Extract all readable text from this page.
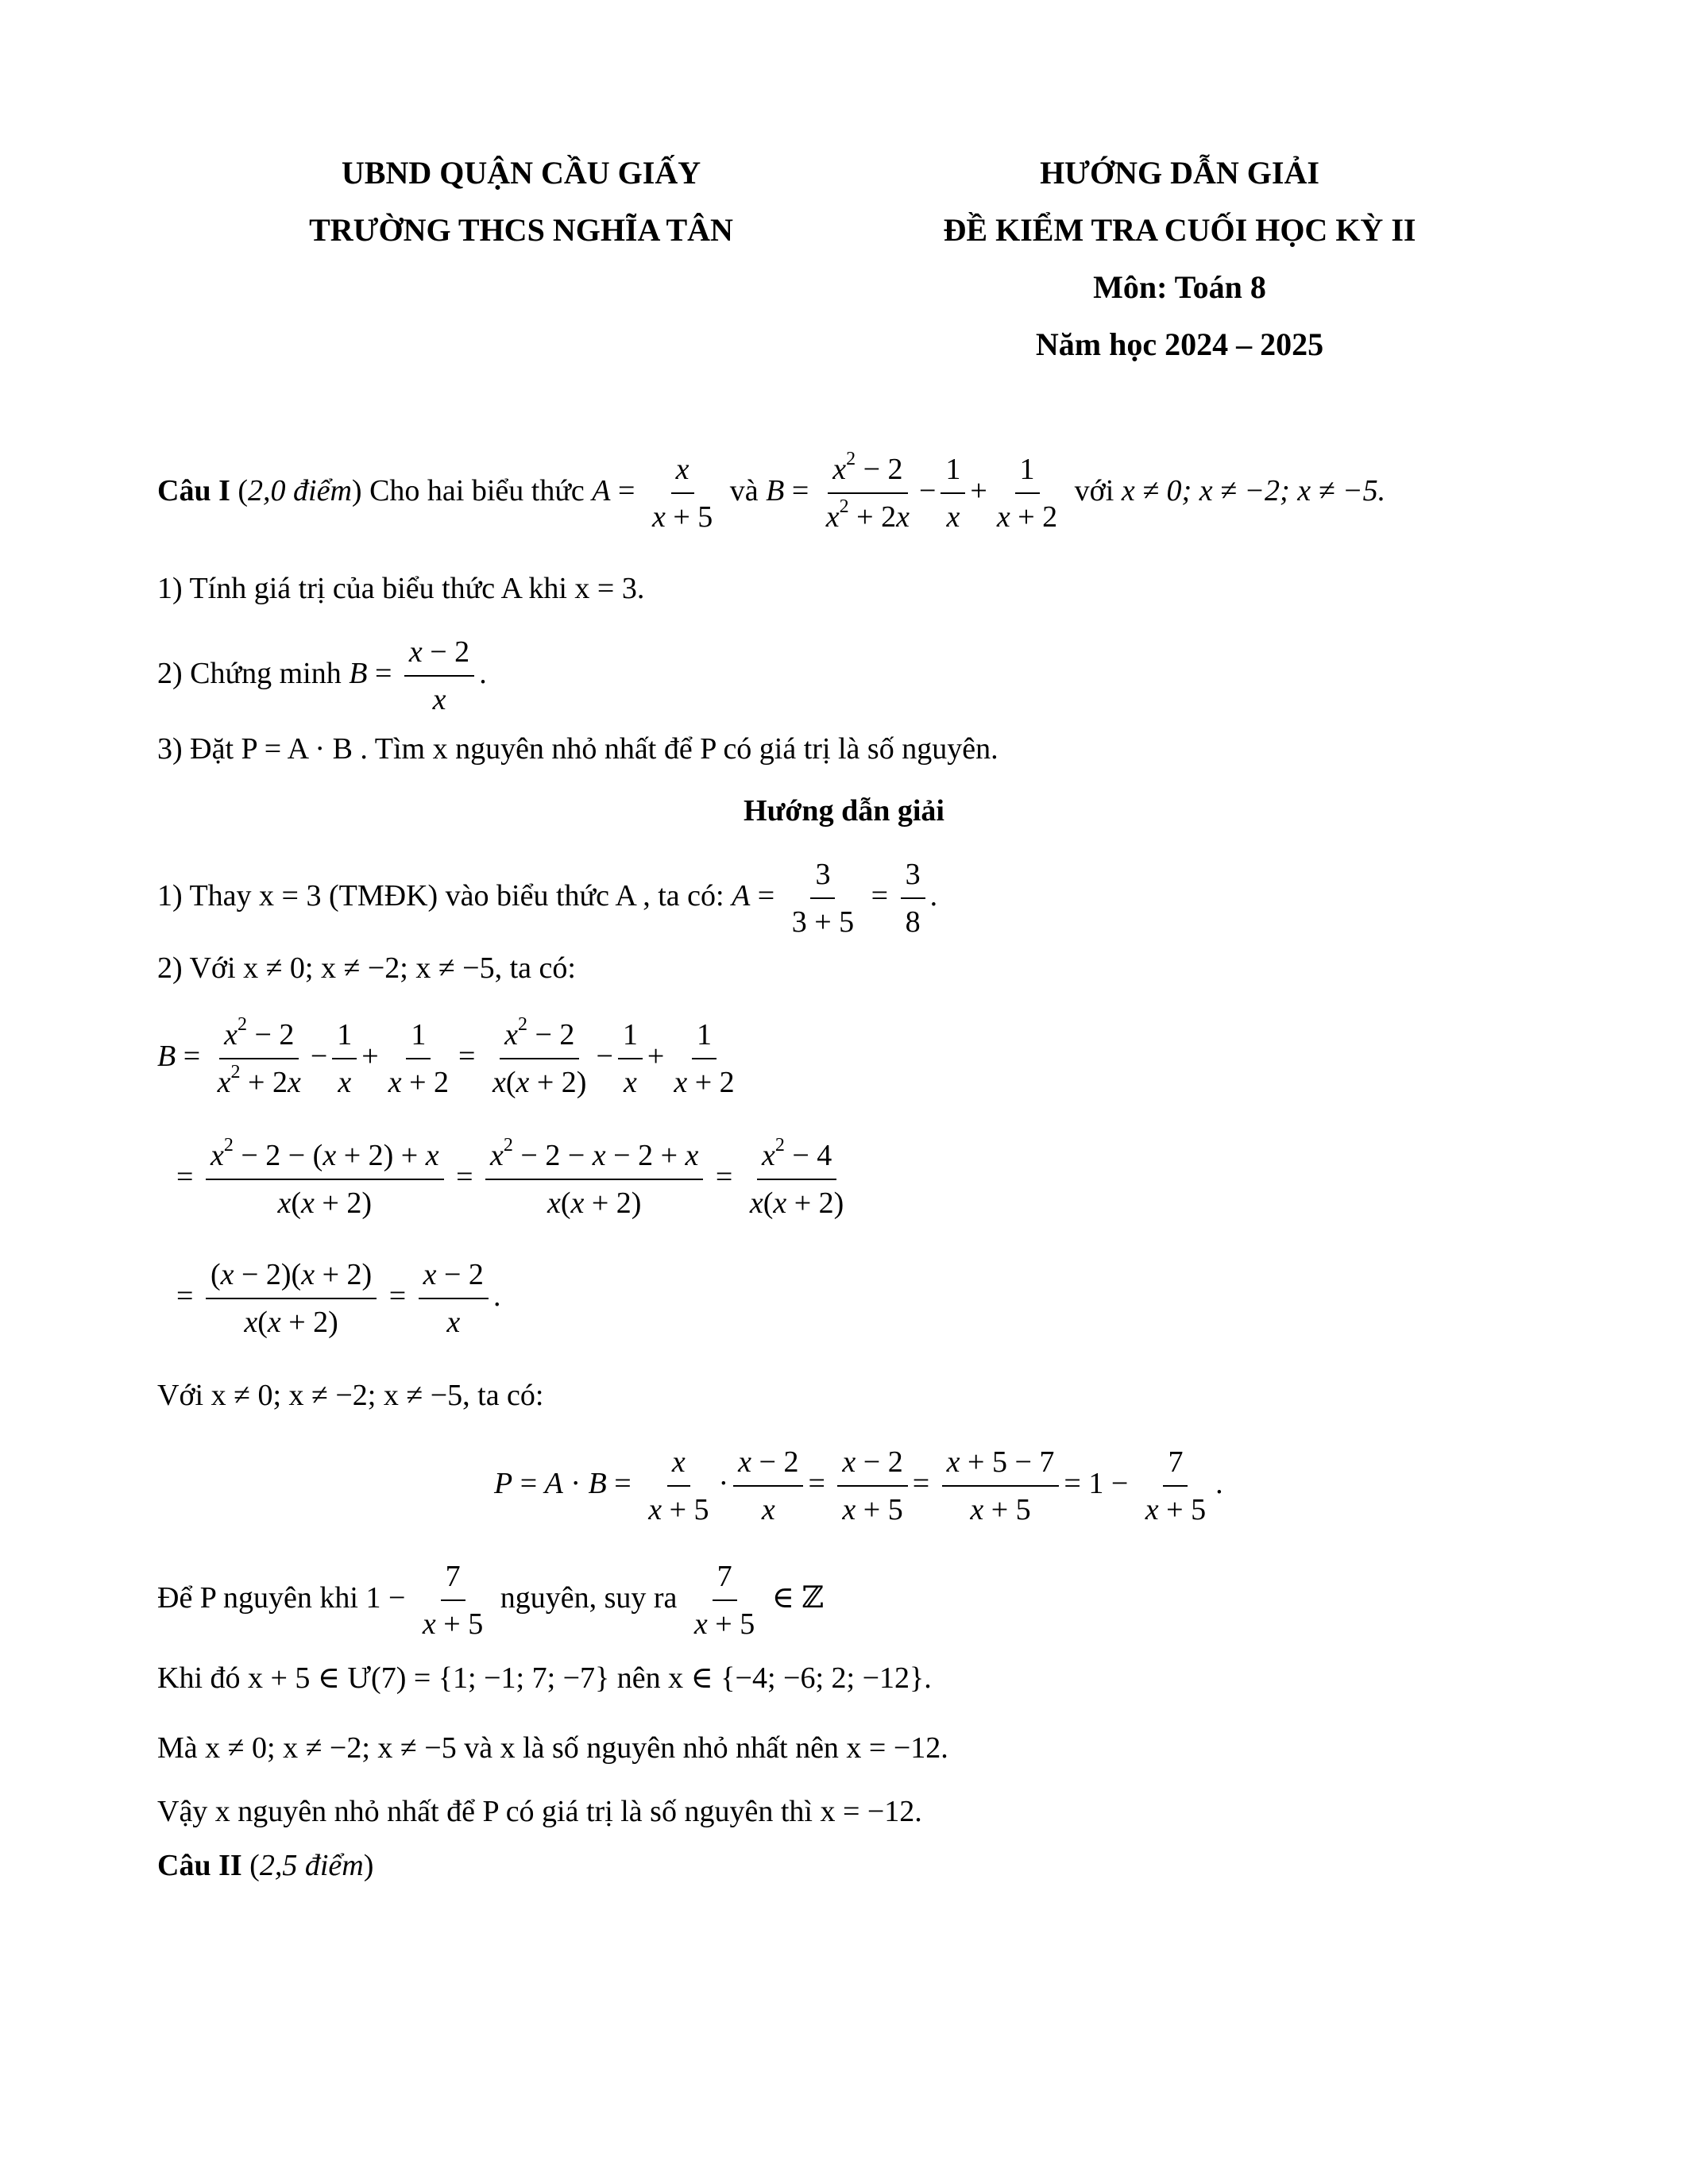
UBND QUẬN CẦU GIẤY
TRƯỜNG THCS NGHĨA TÂN
HƯỚNG DẪN GIẢI
ĐỀ KIỂM TRA CUỐI HỌC KỲ II
Môn: Toán 8
Năm học 2024 – 2025
Câu I (2,0 điểm) Cho hai biểu thức $A = \frac{x}{x + 5}$ và $B = \frac{x^2 - 2}{x^2 + 2x} - \frac{1}{x} + \frac{1}{x + 2}$ với x ≠ 0; x ≠ −2; x ≠ −5.
1) Tính giá trị của biểu thức A khi x = 3.
2) Chứng minh $B = \frac{x - 2}{x}$ .
3) Đặt P = A · B . Tìm x nguyên nhỏ nhất để P có giá trị là số nguyên.
Hướng dẫn giải
1) Thay x = 3 (TMĐK) vào biểu thức A , ta có: $A = \frac{3}{3 + 5} = \frac{3}{8}$ .
2) Với x ≠ 0; x ≠ −2; x ≠ −5, ta có:
$B = \frac{x^2 - 2}{x^2 + 2x} - \frac{1}{x} + \frac{1}{x + 2} = \frac{x^2 - 2}{x(x + 2)} - \frac{1}{x} + \frac{1}{x + 2}$
= $\frac{x^2 - 2 - (x + 2) + x}{x(x + 2)} = \frac{x^2 - 2 - x - 2 + x}{x(x + 2)} = \frac{x^2 - 4}{x(x + 2)}$
= $\frac{(x - 2)(x + 2)}{x(x + 2)} = \frac{x - 2}{x}$ .
Với x ≠ 0; x ≠ −2; x ≠ −5, ta có:
$P = A \cdot B = \frac{x}{x + 5} \cdot \frac{x - 2}{x} = \frac{x - 2}{x + 5} = \frac{x + 5 - 7}{x + 5} = 1 - \frac{7}{x + 5}$ .
Để P nguyên khi $1 - \frac{7}{x + 5}$ nguyên, suy ra $\frac{7}{x + 5}$ ∈ ℤ
Khi đó x + 5 ∈ Ư(7) = {1; −1; 7; −7} nên x ∈ {−4; −6; 2; −12}.
Mà x ≠ 0; x ≠ −2; x ≠ −5 và x là số nguyên nhỏ nhất nên x = −12.
Vậy x nguyên nhỏ nhất để P có giá trị là số nguyên thì x = −12.
Câu II (2,5 điểm)
